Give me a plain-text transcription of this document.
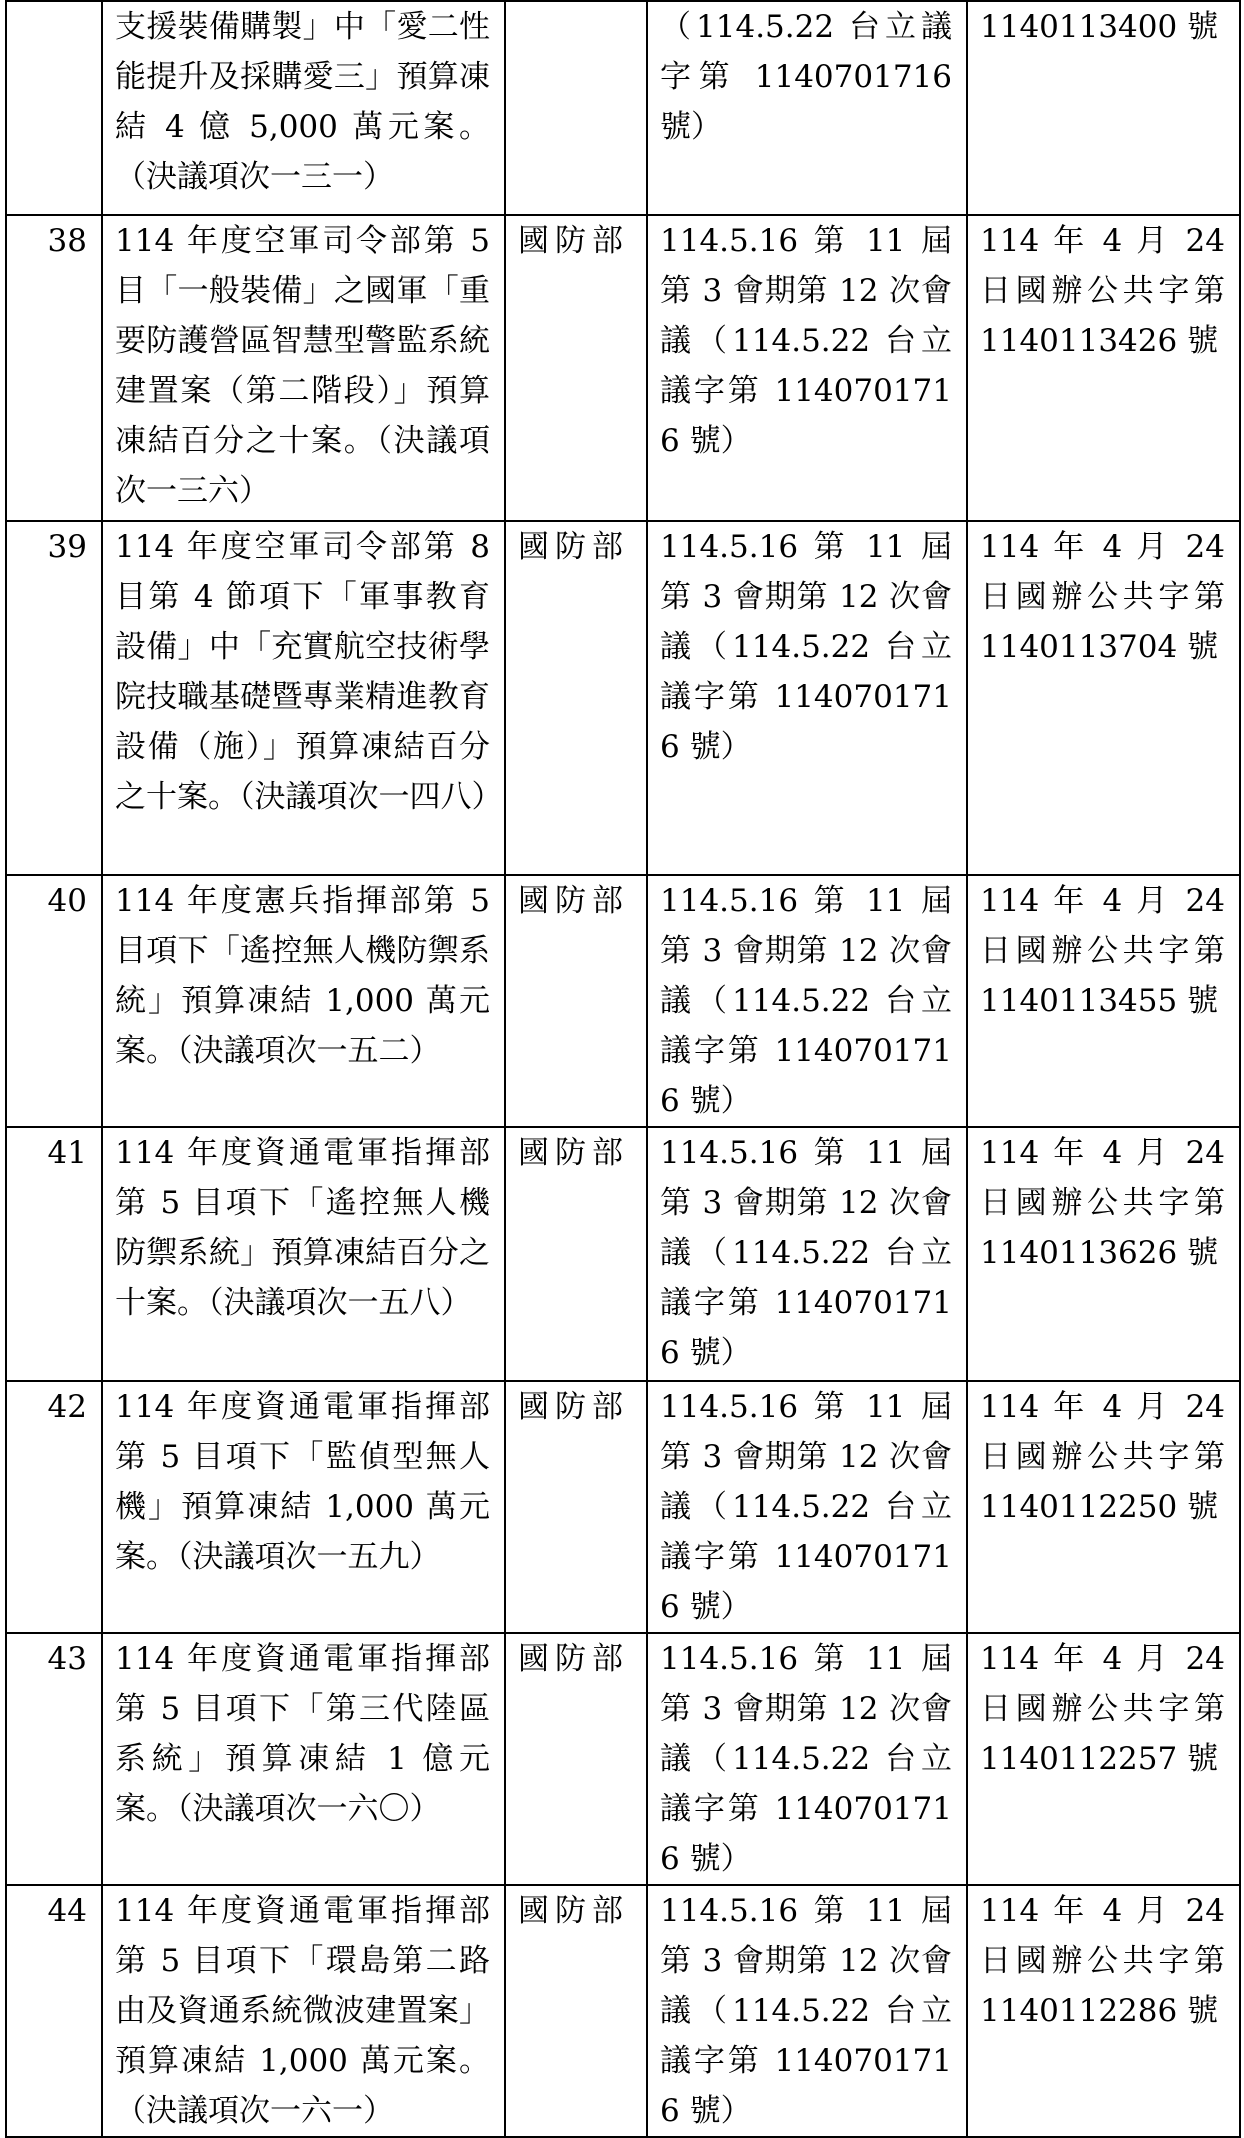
	支援裝備購製」中「愛二性能提升及採購愛三」預算凍結 4 億 5,000 萬元案。（決議項次一三一）		（114.5.22 台立議字第 1140701716 號）	1140113400 號
38	114 年度空軍司令部第 5 目「一般裝備」之國軍「重要防護營區智慧型警監系統建置案（第二階段）」預算凍結百分之十案。（決議項次一三六）	國防部	114.5.16 第 11 屆第 3 會期第 12 次會議（114.5.22 台立議字第 1140701716 號）	114 年 4 月 24 日國辦公共字第 1140113426 號
39	114 年度空軍司令部第 8 目第 4 節項下「軍事教育設備」中「充實航空技術學院技職基礎暨專業精進教育設備（施）」預算凍結百分之十案。（決議項次一四八）	國防部	114.5.16 第 11 屆第 3 會期第 12 次會議（114.5.22 台立議字第 1140701716 號）	114 年 4 月 24 日國辦公共字第 1140113704 號
40	114 年度憲兵指揮部第 5 目項下「遙控無人機防禦系統」預算凍結 1,000 萬元案。（決議項次一五二）	國防部	114.5.16 第 11 屆第 3 會期第 12 次會議（114.5.22 台立議字第 1140701716 號）	114 年 4 月 24 日國辦公共字第 1140113455 號
41	114 年度資通電軍指揮部第 5 目項下「遙控無人機防禦系統」預算凍結百分之十案。（決議項次一五八）	國防部	114.5.16 第 11 屆第 3 會期第 12 次會議（114.5.22 台立議字第 1140701716 號）	114 年 4 月 24 日國辦公共字第 1140113626 號
42	114 年度資通電軍指揮部第 5 目項下「監偵型無人機」預算凍結 1,000 萬元案。（決議項次一五九）	國防部	114.5.16 第 11 屆第 3 會期第 12 次會議（114.5.22 台立議字第 1140701716 號）	114 年 4 月 24 日國辦公共字第 1140112250 號
43	114 年度資通電軍指揮部第 5 目項下「第三代陸區系統」預算凍結 1 億元案。（決議項次一六〇）	國防部	114.5.16 第 11 屆第 3 會期第 12 次會議（114.5.22 台立議字第 1140701716 號）	114 年 4 月 24 日國辦公共字第 1140112257 號
44	114 年度資通電軍指揮部第 5 目項下「環島第二路由及資通系統微波建置案」預算凍結 1,000 萬元案。（決議項次一六一）	國防部	114.5.16 第 11 屆第 3 會期第 12 次會議（114.5.22 台立議字第 1140701716 號）	114 年 4 月 24 日國辦公共字第 1140112286 號
